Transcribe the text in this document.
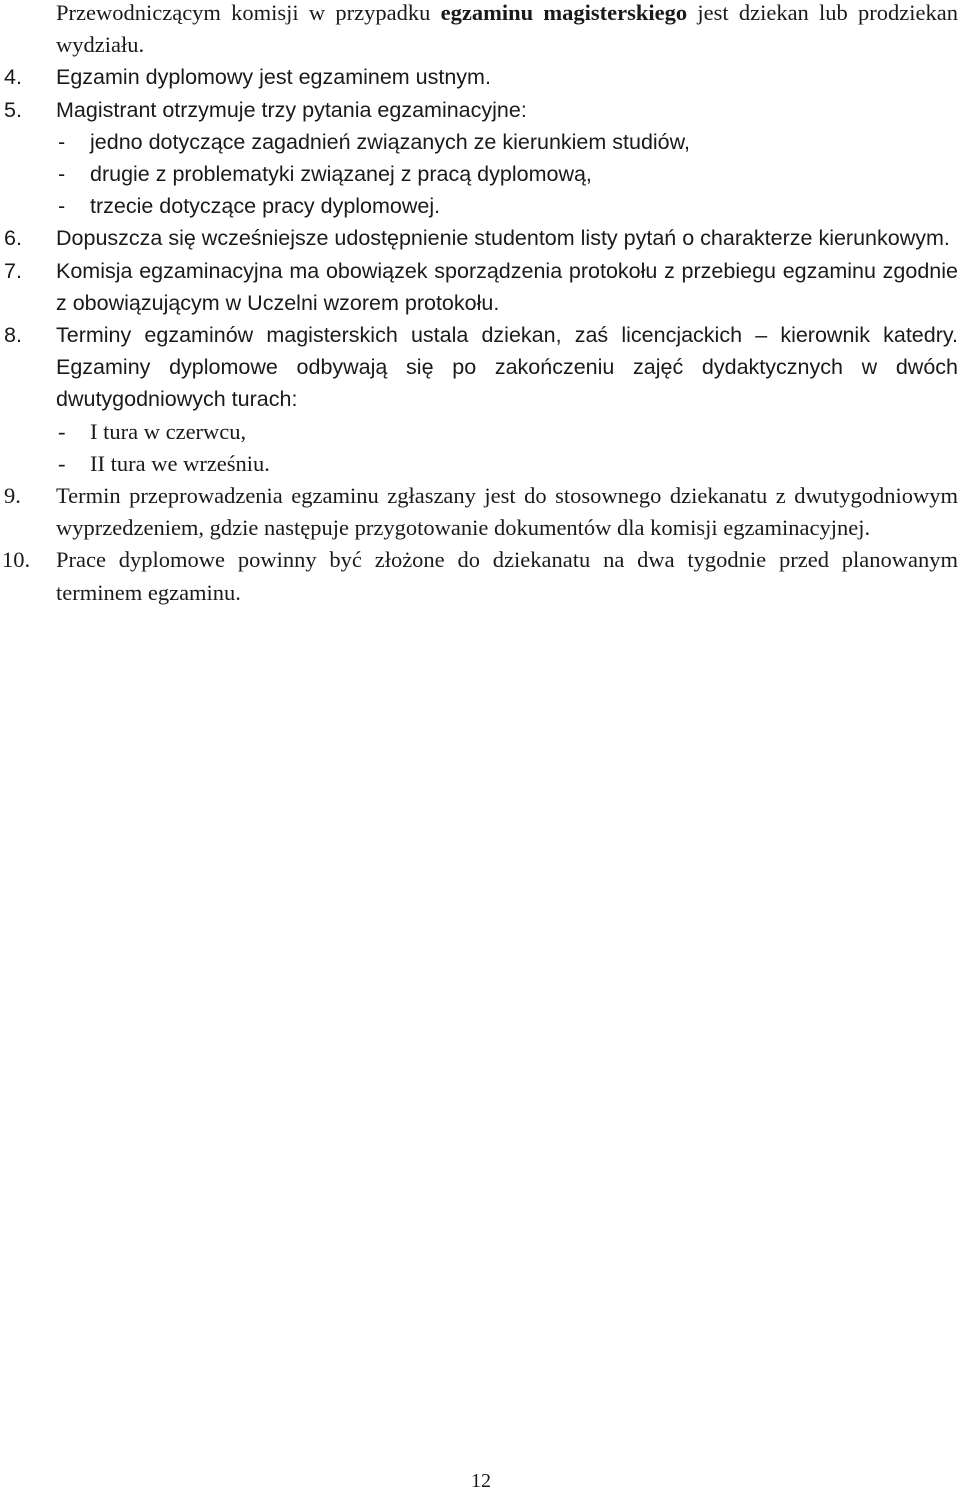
Przewodniczącym komisji w przypadku egzaminu magisterskiego jest dziekan lub prodziekan wydziału.
4. Egzamin dyplomowy jest egzaminem ustnym.
5. Magistrant otrzymuje trzy pytania egzaminacyjne:
- jedno dotyczące zagadnień związanych ze kierunkiem studiów,
- drugie z problematyki związanej z pracą dyplomową,
- trzecie dotyczące pracy dyplomowej.
6. Dopuszcza się wcześniejsze udostępnienie studentom listy pytań o charakterze kierunkowym.
7. Komisja egzaminacyjna ma obowiązek sporządzenia protokołu z przebiegu egzaminu zgodnie z obowiązującym w Uczelni wzorem protokołu.
8. Terminy egzaminów magisterskich ustala dziekan, zaś licencjackich – kierownik katedry. Egzaminy dyplomowe odbywają się po zakończeniu zajęć dydaktycznych w dwóch dwutygodniowych turach:
- I tura w czerwcu,
- II tura we wrześniu.
9. Termin przeprowadzenia egzaminu zgłaszany jest do stosownego dziekanatu z dwutygodniowym wyprzedzeniem, gdzie następuje przygotowanie dokumentów dla komisji egzaminacyjnej.
10. Prace dyplomowe powinny być złożone do dziekanatu na dwa tygodnie przed planowanym terminem egzaminu.
12
